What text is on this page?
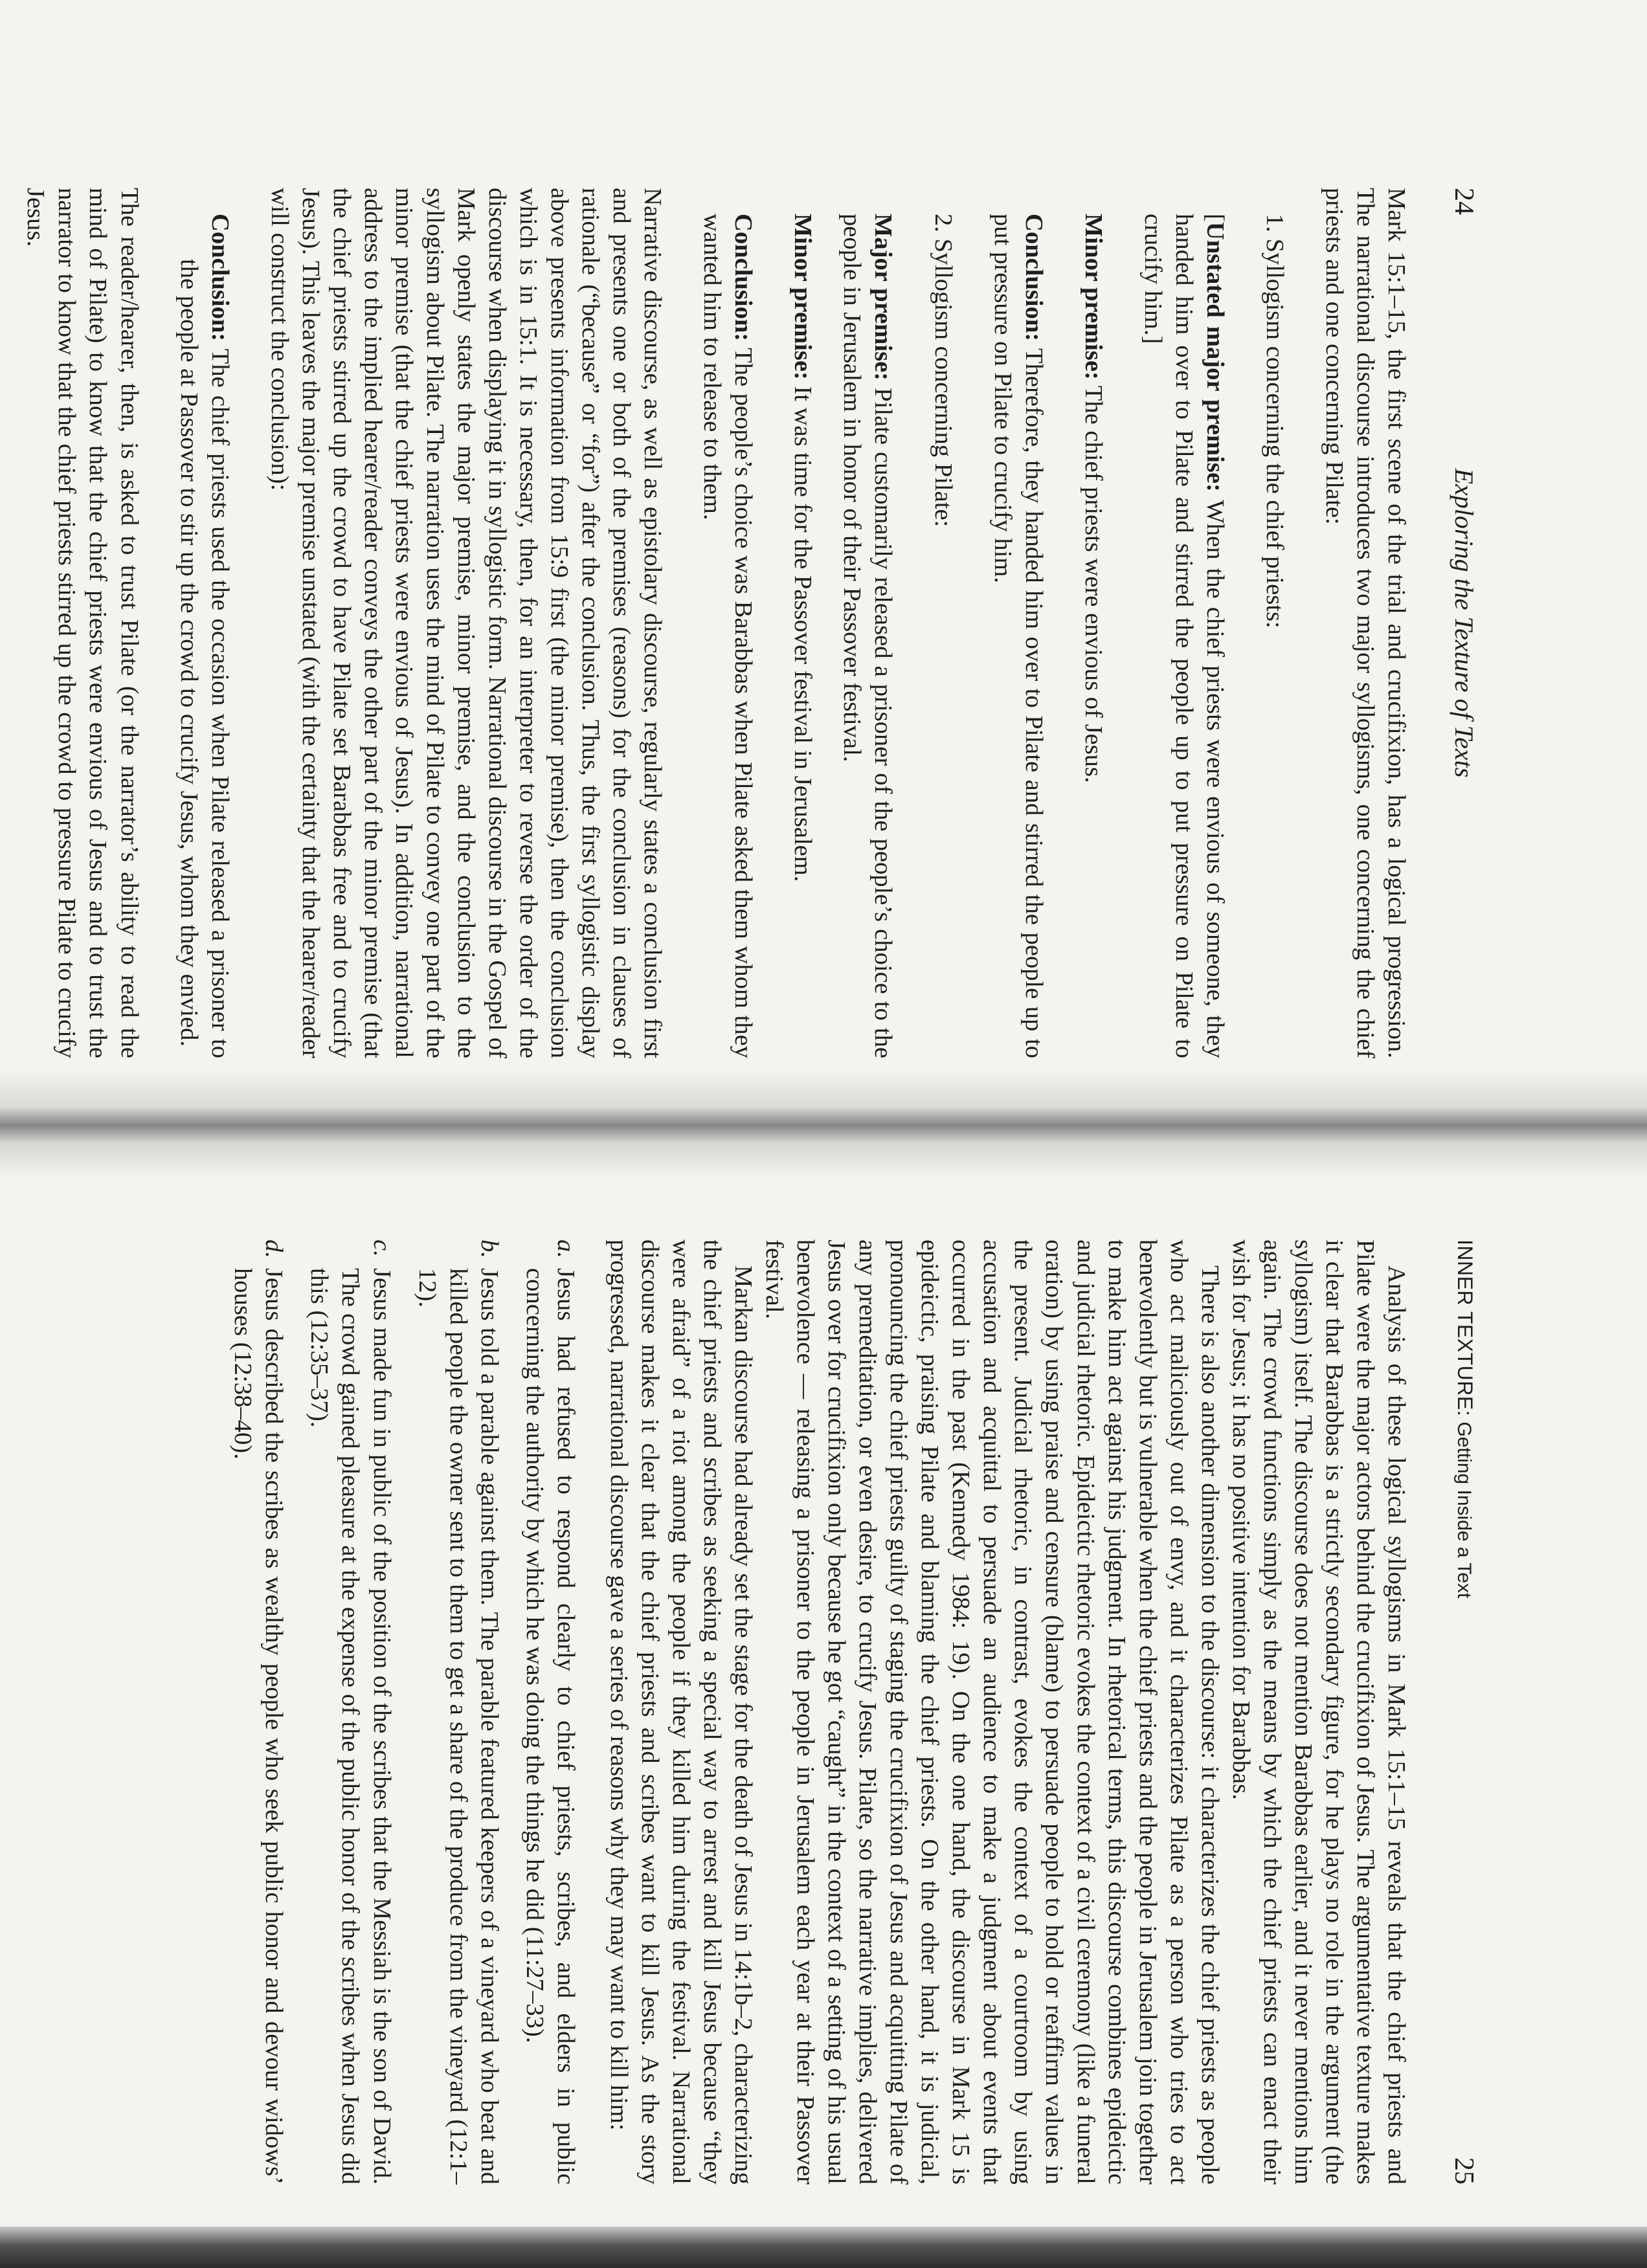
24
Exploring the Texture of Texts

Mark 15:1–15, the first scene of the trial and crucifixion, has a logical progression. The narrational discourse introduces two major syllogisms, one concerning the chief priests and one concerning Pilate:

1. Syllogism concerning the chief priests:

[Unstated major premise: When the chief priests were envious of someone, they handed him over to Pilate and stirred the people up to put pressure on Pilate to crucify him.]

Minor premise: The chief priests were envious of Jesus.

Conclusion: Therefore, they handed him over to Pilate and stirred the people up to put pressure on Pilate to crucify him.

2. Syllogism concerning Pilate:

Major premise: Pilate customarily released a prisoner of the people’s choice to the people in Jerusalem in honor of their Passover festival.

Minor premise: It was time for the Passover festival in Jerusalem.

Conclusion: The people’s choice was Barabbas when Pilate asked them whom they wanted him to release to them.

Narrative discourse, as well as epistolary discourse, regularly states a conclusion first and presents one or both of the premises (reasons) for the conclusion in clauses of rationale (“because” or “for”) after the conclusion. Thus, the first syllogistic display above presents information from 15:9 first (the minor premise), then the conclusion which is in 15:1. It is necessary, then, for an interpreter to reverse the order of the discourse when displaying it in syllogistic form. Narrational discourse in the Gospel of Mark openly states the major premise, minor premise, and the conclusion to the syllogism about Pilate. The narration uses the mind of Pilate to convey one part of the minor premise (that the chief priests were envious of Jesus). In addition, narrational address to the implied hearer/reader conveys the other part of the minor premise (that the chief priests stirred up the crowd to have Pilate set Barabbas free and to crucify Jesus). This leaves the major premise unstated (with the certainty that the hearer/reader will construct the conclusion):

Conclusion: The chief priests used the occasion when Pilate released a prisoner to the people at Passover to stir up the crowd to crucify Jesus, whom they envied.

The reader/hearer, then, is asked to trust Pilate (or the narrator’s ability to read the mind of Pilate) to know that the chief priests were envious of Jesus and to trust the narrator to know that the chief priests stirred up the crowd to pressure Pilate to crucify Jesus.

INNER TEXTURE: Getting Inside a Text
25

Analysis of these logical syllogisms in Mark 15:1–15 reveals that the chief priests and Pilate were the major actors behind the crucifixion of Jesus. The argumentative texture makes it clear that Barabbas is a strictly secondary figure, for he plays no role in the argument (the syllogism) itself. The discourse does not mention Barabbas earlier, and it never mentions him again. The crowd functions simply as the means by which the chief priests can enact their wish for Jesus; it has no positive intention for Barabbas.

There is also another dimension to the discourse: it characterizes the chief priests as people who act maliciously out of envy, and it characterizes Pilate as a person who tries to act benevolently but is vulnerable when the chief priests and the people in Jerusalem join together to make him act against his judgment. In rhetorical terms, this discourse combines epideictic and judicial rhetoric. Epideictic rhetoric evokes the context of a civil ceremony (like a funeral oration) by using praise and censure (blame) to persuade people to hold or reaffirm values in the present. Judicial rhetoric, in contrast, evokes the context of a courtroom by using accusation and acquittal to persuade an audience to make a judgment about events that occurred in the past (Kennedy 1984: 19). On the one hand, the discourse in Mark 15 is epideictic, praising Pilate and blaming the chief priests. On the other hand, it is judicial, pronouncing the chief priests guilty of staging the crucifixion of Jesus and acquitting Pilate of any premeditation, or even desire, to crucify Jesus. Pilate, so the narrative implies, delivered Jesus over for crucifixion only because he got “caught” in the context of a setting of his usual benevolence — releasing a prisoner to the people in Jerusalem each year at their Passover festival.

Markan discourse had already set the stage for the death of Jesus in 14:1b–2, characterizing the chief priests and scribes as seeking a special way to arrest and kill Jesus because “they were afraid” of a riot among the people if they killed him during the festival. Narrational discourse makes it clear that the chief priests and scribes want to kill Jesus. As the story progressed, narrational discourse gave a series of reasons why they may want to kill him:

a.
Jesus had refused to respond clearly to chief priests, scribes, and elders in public concerning the authority by which he was doing the things he did (11:27–33).
b.
Jesus told a parable against them. The parable featured keepers of a vineyard who beat and killed people the owner sent to them to get a share of the produce from the vineyard (12:1–12).
c.
Jesus made fun in public of the position of the scribes that the Messiah is the son of David. The crowd gained pleasure at the expense of the public honor of the scribes when Jesus did this (12:35–37).
d.
Jesus described the scribes as wealthy people who seek public honor and devour widows’ houses (12:38–40).
